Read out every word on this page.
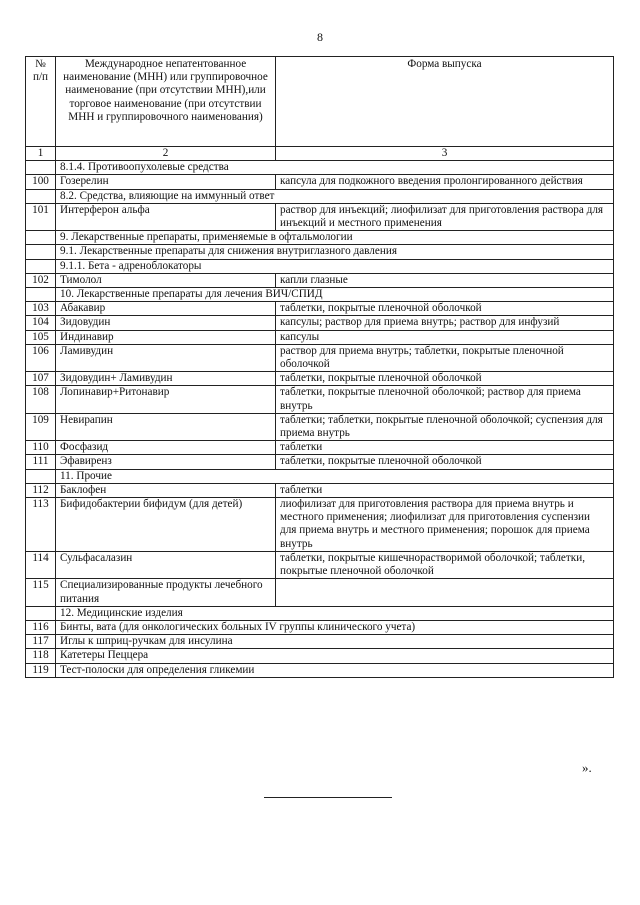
8
№
п/п	Международное непатентованное наименование (МНН) или группировочное наименование (при отсутствии МНН),или торговое наименование (при отсутствии МНН и группировочного наименования)	Форма выпуска
1	2	3
	8.1.4. Противоопухолевые средства	
100	Гозерелин	капсула для подкожного введения пролонгированного действия
	8.2. Средства, влияющие на иммунный ответ	
101	Интерферон альфа	раствор для инъекций; лиофилизат для приготовления раствора для инъекций и местного применения
	9. Лекарственные препараты, применяемые в офтальмологии	
	9.1. Лекарственные препараты для снижения внутриглазного давления	
	9.1.1. Бета - адреноблокаторы	
102	Тимолол	капли глазные
	10. Лекарственные препараты для лечения ВИЧ/СПИД	
103	Абакавир	таблетки, покрытые пленочной оболочкой
104	Зидовудин	капсулы; раствор для приема внутрь; раствор для инфузий
105	Индинавир	капсулы
106	Ламивудин	раствор для приема внутрь; таблетки, покрытые пленочной оболочкой
107	Зидовудин+ Ламивудин	таблетки, покрытые пленочной оболочкой
108	Лопинавир+Ритонавир	таблетки, покрытые пленочной оболочкой; раствор для приема внутрь
109	Невирапин	таблетки; таблетки, покрытые пленочной оболочкой; суспензия для приема внутрь
110	Фосфазид	таблетки
111	Эфавиренз	таблетки, покрытые пленочной оболочкой
	11. Прочие	
112	Баклофен	таблетки
113	Бифидобактерии бифидум (для детей)	лиофилизат для приготовления раствора для приема внутрь и местного применения; лиофилизат для приготовления суспензии для приема внутрь и местного применения; порошок для приема внутрь
114	Сульфасалазин	таблетки, покрытые кишечнорастворимой оболочкой; таблетки, покрытые пленочной оболочкой
115	Специализированные продукты лечебного питания	
	12. Медицинские изделия	
116	Бинты, вата (для онкологических больных IV группы клинического учета)	
117	Иглы к шприц-ручкам для инсулина	
118	Катетеры Пеццера	
119	Тест-полоски для определения гликемии	
».
